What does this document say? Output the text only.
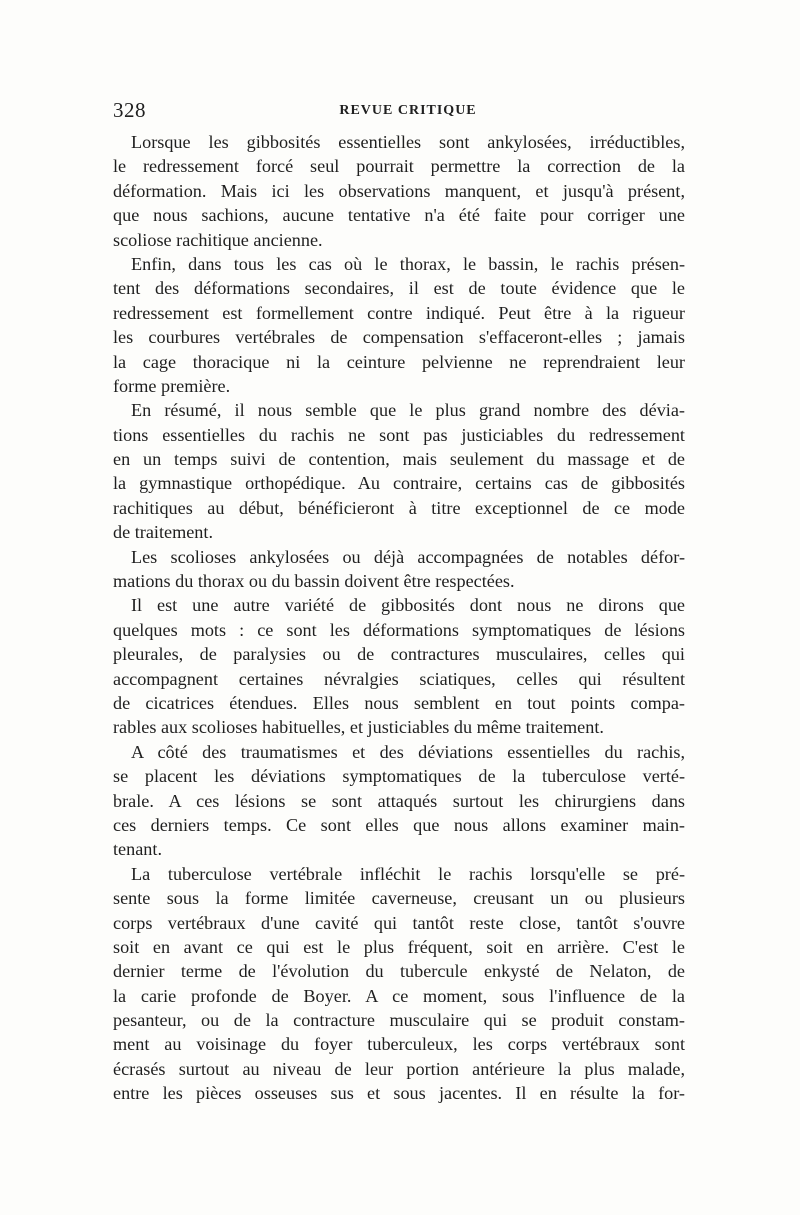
328	REVUE CRITIQUE
Lorsque les gibbosités essentielles sont ankylosées, irréductibles,
le redressement forcé seul pourrait permettre la correction de la
déformation. Mais ici les observations manquent, et jusqu'à présent,
que nous sachions, aucune tentative n'a été faite pour corriger une
scoliose rachitique ancienne.
Enfin, dans tous les cas où le thorax, le bassin, le rachis présen-
tent des déformations secondaires, il est de toute évidence que le
redressement est formellement contre indiqué. Peut être à la rigueur
les courbures vertébrales de compensation s'effaceront-elles ; jamais
la cage thoracique ni la ceinture pelvienne ne reprendraient leur
forme première.
En résumé, il nous semble que le plus grand nombre des dévia-
tions essentielles du rachis ne sont pas justiciables du redressement
en un temps suivi de contention, mais seulement du massage et de
la gymnastique orthopédique. Au contraire, certains cas de gibbosités
rachitiques au début, bénéficieront à titre exceptionnel de ce mode
de traitement.
Les scolioses ankylosées ou déjà accompagnées de notables défor-
mations du thorax ou du bassin doivent être respectées.
Il est une autre variété de gibbosités dont nous ne dirons que
quelques mots : ce sont les déformations symptomatiques de lésions
pleurales, de paralysies ou de contractures musculaires, celles qui
accompagnent certaines névralgies sciatiques, celles qui résultent
de cicatrices étendues. Elles nous semblent en tout points compa-
rables aux scolioses habituelles, et justiciables du même traitement.
A côté des traumatismes et des déviations essentielles du rachis,
se placent les déviations symptomatiques de la tuberculose verté-
brale. A ces lésions se sont attaqués surtout les chirurgiens dans
ces derniers temps. Ce sont elles que nous allons examiner main-
tenant.
La tuberculose vertébrale infléchit le rachis lorsqu'elle se pré-
sente sous la forme limitée caverneuse, creusant un ou plusieurs
corps vertébraux d'une cavité qui tantôt reste close, tantôt s'ouvre
soit en avant ce qui est le plus fréquent, soit en arrière. C'est le
dernier terme de l'évolution du tubercule enkysté de Nelaton, de
la carie profonde de Boyer. A ce moment, sous l'influence de la
pesanteur, ou de la contracture musculaire qui se produit constam-
ment au voisinage du foyer tuberculeux, les corps vertébraux sont
écrasés surtout au niveau de leur portion antérieure la plus malade,
entre les pièces osseuses sus et sous jacentes. Il en résulte la for-
